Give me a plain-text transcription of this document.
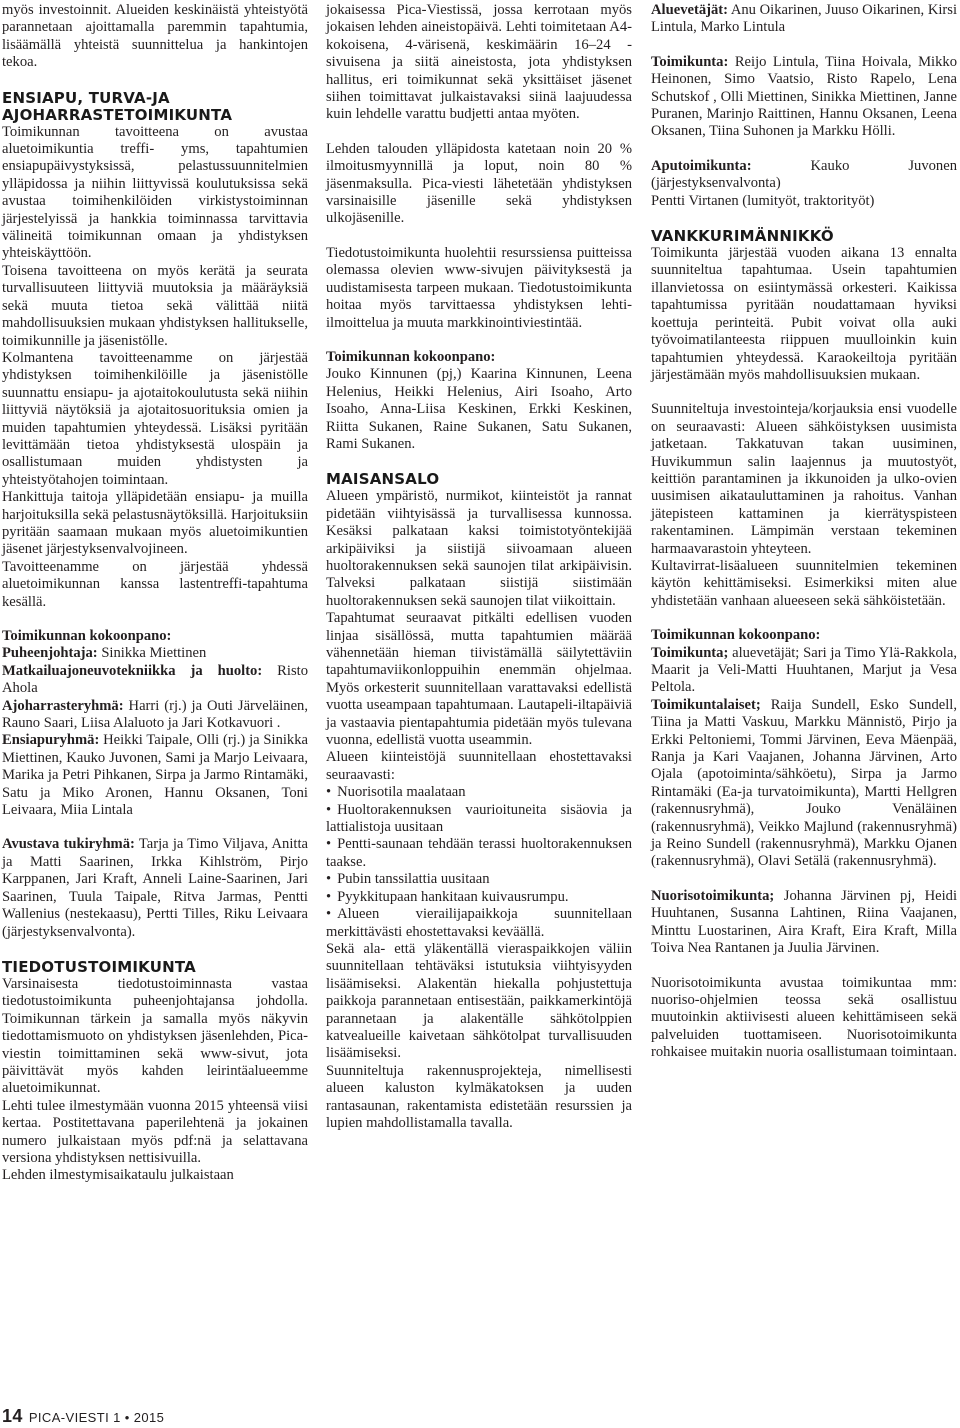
myös investoinnit. Alueiden keskinäistä yhteistyötä parannetaan ajoittamalla paremmin tapahtumia, lisäämällä yhteistä suunnittelua ja hankintojen tekoa.

ENSIAPU, TURVA-JA
AJOHARRASTETOIMIKUNTA

Toimikunnan tavoitteena on avustaa aluetoimikuntia treffi- yms, tapahtumien ensiapupäivystyksissä, pelastussuunnitelmien ylläpidossa ja niihin liittyvissä koulutuksissa sekä avustaa toimihenkilöiden virkistystoiminnan järjestelyissä ja hankkia toiminnassa tarvittavia välineitä toimikunnan omaan ja yhdistyksen yhteiskäyttöön.

Toisena tavoitteena on myös kerätä ja seurata turvallisuuteen liittyviä muutoksia ja määräyksiä sekä muuta tietoa sekä välittää niitä mahdollisuuksien mukaan yhdistyksen hallitukselle, toimikunnille ja jäsenistölle.

Kolmantena tavoitteenamme on järjestää yhdistyksen toimihenkilöille ja jäsenistölle suunnattu ensiapu- ja ajotaitokoulutusta sekä niihin liittyviä näytöksiä ja ajotaitosuorituksia omien ja muiden tapahtumien yhteydessä. Lisäksi pyritään levittämään tietoa yhdistyksestä ulospäin ja osallistumaan muiden yhdistysten ja yhteistyötahojen toimintaan.

Hankittuja taitoja ylläpidetään ensiapu- ja muilla harjoituksilla sekä pelastusnäytöksillä. Harjoituksiin pyritään saamaan mukaan myös aluetoimikuntien jäsenet järjestyksenvalvojineen.

Tavoitteenamme on järjestää yhdessä aluetoimikunnan kanssa lastentreffi-tapahtuma kesällä.

Toimikunnan kokoonpano:

Puheenjohtaja: Sinikka Miettinen

Matkailuajoneuvotekniikka ja huolto: Risto Ahola

Ajoharrasteryhmä: Harri (rj.) ja Outi Järveläinen, Rauno Saari, Liisa Alaluoto ja Jari Kotkavuori .

Ensiapuryhmä: Heikki Taipale, Olli (rj.) ja Sinikka Miettinen, Kauko Juvonen, Sami ja Marjo Leivaara, Marika ja Petri Pihkanen, Sirpa ja Jarmo Rintamäki, Satu ja Miko Aronen, Hannu Oksanen, Toni Leivaara, Miia Lintala

Avustava tukiryhmä: Tarja ja Timo Viljava, Anitta ja Matti Saarinen, Irkka Kihlström, Pirjo Karppanen, Jari Kraft, Anneli Laine-Saarinen, Jari Saarinen, Tuula Taipale, Ritva Jarmas, Pentti Wallenius (nestekaasu), Pertti Tilles, Riku Leivaara (järjestyksenvalvonta).

TIEDOTUSTOIMIKUNTA

Varsinaisesta tiedotustoiminnasta vastaa tiedotustoimikunta puheenjohtajansa johdolla. Toimikunnan tärkein ja samalla myös näkyvin tiedottamismuoto on yhdistyksen jäsenlehden, Pica-viestin toimittaminen sekä www-sivut, jota päivittävät myös kahden leirintäalueemme aluetoimikunnat.

Lehti tulee ilmestymään vuonna 2015 yhteensä viisi kertaa. Postitettavana paperilehtenä ja jokainen numero julkaistaan myös pdf:nä ja selattavana versiona yhdistyksen nettisivuilla.

Lehden ilmestymisaikataulu julkaistaan

jokaisessa Pica-Viestissä, jossa kerrotaan myös jokaisen lehden aineistopäivä. Lehti toimitetaan A4-kokoisena, 4-värisenä, keskimäärin 16–24 -sivuisena ja siitä aineistosta, jota yhdistyksen hallitus, eri toimikunnat sekä yksittäiset jäsenet siihen toimittavat julkaistavaksi siinä laajuudessa kuin lehdelle varattu budjetti antaa myöten.

Lehden talouden ylläpidosta katetaan noin 20 % ilmoitusmyynnillä ja loput, noin 80 % jäsenmaksulla. Pica-viesti lähetetään yhdistyksen varsinaisille jäsenille sekä yhdistyksen ulkojäsenille.

Tiedotustoimikunta huolehtii resurssiensa puitteissa olemassa olevien www-sivujen päivityksestä ja uudistamisesta tarpeen mukaan. Tiedotustoimikunta hoitaa myös tarvittaessa yhdistyksen lehti-ilmoittelua ja muuta markkinointiviestintää.

Toimikunnan kokoonpano:

Jouko Kinnunen (pj,) Kaarina Kinnunen, Leena Helenius, Heikki Helenius, Airi Isoaho, Arto Isoaho, Anna-Liisa Keskinen, Erkki Keskinen, Riitta Sukanen, Raine Sukanen, Satu Sukanen, Rami Sukanen.

MAISANSALO

Alueen ympäristö, nurmikot, kiinteistöt ja rannat pidetään viihtyisässä ja turvallisessa kunnossa. Kesäksi palkataan kaksi toimistotyöntekijää arkipäiviksi ja siistijä siivoamaan alueen huoltorakennuksen sekä saunojen tilat arkipäivisin. Talveksi palkataan siistijä siistimään huoltorakennuksen sekä saunojen tilat viikoittain.

Tapahtumat seuraavat pitkälti edellisen vuoden linjaa sisällössä, mutta tapahtumien määrää vähennetään hieman tiivistämällä säilytettäviin tapahtumaviikonloppuihin enemmän ohjelmaa. Myös orkesterit suunnitellaan varattavaksi edellistä vuotta useampaan tapahtumaan. Lautapeli-iltapäiviä ja vastaavia pientapahtumia pidetään myös tulevana vuonna, edellistä vuotta useammin.

Alueen kiinteistöjä suunnitellaan ehostettavaksi seuraavasti:

• Nuorisotila maalataan
• Huoltorakennuksen vaurioituneita sisäovia ja lattialistoja uusitaan
• Pentti-saunaan tehdään terassi huoltorakennuksen taakse.
• Pubin tanssilattia uusitaan
• Pyykkitupaan hankitaan kuivausrumpu.
• Alueen vierailijapaikkoja suunnitellaan merkittävästi ehostettavaksi keväällä.

Sekä ala- että yläkentällä vieraspaikkojen väliin suunnitellaan tehtäväksi istutuksia viihtyisyyden lisäämiseksi. Alakentän hiekalla pohjustettuja paikkoja parannetaan entisestään, paikkamerkintöjä parannetaan ja alakentälle sähkötolppien katvealueille kaivetaan sähkötolpat turvallisuuden lisäämiseksi.

Suunniteltuja rakennusprojekteja, nimellisesti alueen kaluston kylmäkatoksen ja uuden rantasaunan, rakentamista edistetään resurssien ja lupien mahdollistamalla tavalla.

Aluevetäjät: Anu Oikarinen, Juuso Oikarinen, Kirsi Lintula, Marko Lintula

Toimikunta: Reijo Lintula, Tiina Hoivala, Mikko Heinonen, Simo Vaatsio, Risto Rapelo, Lena Schutskof , Olli Miettinen, Sinikka Miettinen, Janne Puranen, Marinjo Raittinen, Hannu Oksanen, Leena Oksanen, Tiina Suhonen ja Markku Hölli.

Aputoimikunta: Kauko Juvonen (järjestyksenvalvonta)

Pentti Virtanen (lumityöt, traktorityöt)

VANKKURIMÄNNIKKÖ

Toimikunta järjestää vuoden aikana 13 ennalta suunniteltua tapahtumaa. Usein tapahtumien illanvietossa on esiintymässä orkesteri. Kaikissa tapahtumissa pyritään noudattamaan hyviksi koettuja perinteitä. Pubit voivat olla auki työvoimatilanteesta riippuen muulloinkin kuin tapahtumien yhteydessä. Karaokeiltoja pyritään järjestämään myös mahdollisuuksien mukaan.

Suunniteltuja investointeja/korjauksia ensi vuodelle on seuraavasti: Alueen sähköistyksen uusimista jatketaan. Takkatuvan takan uusiminen, Huvikummun salin laajennus ja muutostyöt, keittiön parantaminen ja ikkunoiden ja ulko-ovien uusimisen aikatauluttaminen ja rahoitus. Vanhan jätepisteen kattaminen ja kierrätyspisteen rakentaminen. Lämpimän verstaan tekeminen harmaavarastoin yhteyteen.

Kultavirrat-lisäalueen suunnitelmien tekeminen käytön kehittämiseksi. Esimerkiksi miten alue yhdistetään vanhaan alueeseen sekä sähköistetään.

Toimikunnan kokoonpano:

Toimikunta; aluevetäjät; Sari ja Timo Ylä-Rakkola, Maarit ja Veli-Matti Huuhtanen, Marjut ja Vesa Peltola.

Toimikuntalaiset; Raija Sundell, Esko Sundell, Tiina ja Matti Vaskuu, Markku Männistö, Pirjo ja Erkki Peltoniemi, Tommi Järvinen, Eeva Mäenpää, Ranja ja Kari Vaajanen, Johanna Järvinen, Arto Ojala (apotoiminta/sähköetu), Sirpa ja Jarmo Rintamäki (Ea-ja turvatoimikunta), Martti Hellgren (rakennusryhmä), Jouko Venäläinen (rakennusryhmä), Veikko Majlund (rakennusryhmä) ja Reino Sundell (rakennusryhmä), Markku Ojanen (rakennusryhmä), Olavi Setälä (rakennusryhmä).

Nuorisotoimikunta; Johanna Järvinen pj, Heidi Huuhtanen, Susanna Lahtinen, Riina Vaajanen, Minttu Luostarinen, Aira Kraft, Eira Kraft, Milla Toiva Nea Rantanen ja Juulia Järvinen.

Nuorisotoimikunta avustaa toimikuntaa mm: nuoriso-ohjelmien teossa sekä osallistuu muutoinkin aktiivisesti alueen kehittämiseen sekä palveluiden tuottamiseen. Nuorisotoimikunta rohkaisee muitakin nuoria osallistumaan toimintaan.

14 PICA-VIESTI 1 • 2015
